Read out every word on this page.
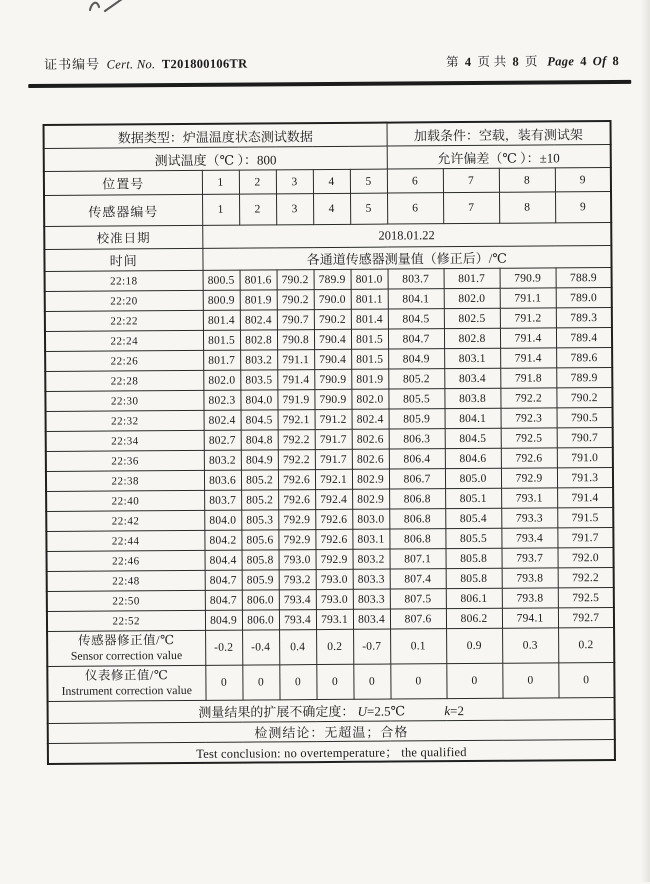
证书编号 Cert. No. T201800106TR	第 4 页 共 8 页 Page 4 Of 8
数据类型：炉温温度状态测试数据						加载条件：空载，装有测试架			
测试温度（℃ ）：800						允许偏差（℃ ）：±10			
位置号	1	2	3	4	5	6	7	8	9
传感器编号	1	2	3	4	5	6	7	8	9
校准日期	2018.01.22								
时间	各通道传感器测量值（修正后）/℃								
22:18	800.5	801.6	790.2	789.9	801.0	803.7	801.7	790.9	788.9
22:20	800.9	801.9	790.2	790.0	801.1	804.1	802.0	791.1	789.0
22:22	801.4	802.4	790.7	790.2	801.4	804.5	802.5	791.2	789.3
22:24	801.5	802.8	790.8	790.4	801.5	804.7	802.8	791.4	789.4
22:26	801.7	803.2	791.1	790.4	801.5	804.9	803.1	791.4	789.6
22:28	802.0	803.5	791.4	790.9	801.9	805.2	803.4	791.8	789.9
22:30	802.3	804.0	791.9	790.9	802.0	805.5	803.8	792.2	790.2
22:32	802.4	804.5	792.1	791.2	802.4	805.9	804.1	792.3	790.5
22:34	802.7	804.8	792.2	791.7	802.6	806.3	804.5	792.5	790.7
22:36	803.2	804.9	792.2	791.7	802.6	806.4	804.6	792.6	791.0
22:38	803.6	805.2	792.6	792.1	802.9	806.7	805.0	792.9	791.3
22:40	803.7	805.2	792.6	792.4	802.9	806.8	805.1	793.1	791.4
22:42	804.0	805.3	792.9	792.6	803.0	806.8	805.4	793.3	791.5
22:44	804.2	805.6	792.9	792.6	803.1	806.8	805.5	793.4	791.7
22:46	804.4	805.8	793.0	792.9	803.2	807.1	805.8	793.7	792.0
22:48	804.7	805.9	793.2	793.0	803.3	807.4	805.8	793.8	792.2
22:50	804.7	806.0	793.4	793.0	803.3	807.5	806.1	793.8	792.5
22:52	804.9	806.0	793.4	793.1	803.4	807.6	806.2	794.1	792.7

传感器修正值/℃
Sensor correction value	-0.2	-0.4	0.4	0.2	-0.7	0.1	0.9	0.3	0.2

仪表修正值/℃
Instrument correction value	0	0	0	0	0	0	0	0	0
测量结果的扩展不确定度： U=2.5℃ k=2									
检测结论：无超温；合格									
Test conclusion: no overtemperature； the qualified									
